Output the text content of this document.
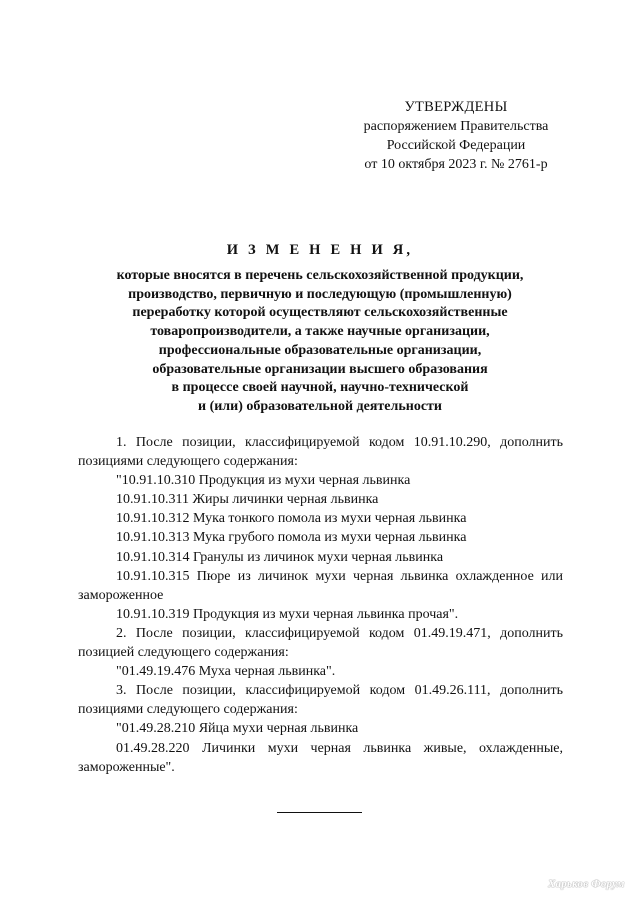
УТВЕРЖДЕНЫ
распоряжением Правительства
Российской Федерации
от 10 октября 2023 г. № 2761-р
И З М Е Н Е Н И Я,
которые вносятся в перечень сельскохозяйственной продукции,
производство, первичную и последующую (промышленную)
переработку которой осуществляют сельскохозяйственные
товаропроизводители, а также научные организации,
профессиональные образовательные организации,
образовательные организации высшего образования
в процессе своей научной, научно-технической
и (или) образовательной деятельности

1. После позиции, классифицируемой кодом 10.91.10.290, дополнить позициями следующего содержания:

"10.91.10.310 Продукция из мухи черная львинка

10.91.10.311 Жиры личинки черная львинка

10.91.10.312 Мука тонкого помола из мухи черная львинка

10.91.10.313 Мука грубого помола из мухи черная львинка

10.91.10.314 Гранулы из личинок мухи черная львинка

10.91.10.315 Пюре из личинок мухи черная львинка охлажденное или замороженное

10.91.10.319 Продукция из мухи черная львинка прочая".

2. После позиции, классифицируемой кодом 01.49.19.471, дополнить позицией следующего содержания:

"01.49.19.476 Муха черная львинка".

3. После позиции, классифицируемой кодом 01.49.26.111, дополнить позициями следующего содержания:

"01.49.28.210 Яйца мухи черная львинка

01.49.28.220 Личинки мухи черная львинка живые, охлажденные, замороженные".

Харьков Форум
